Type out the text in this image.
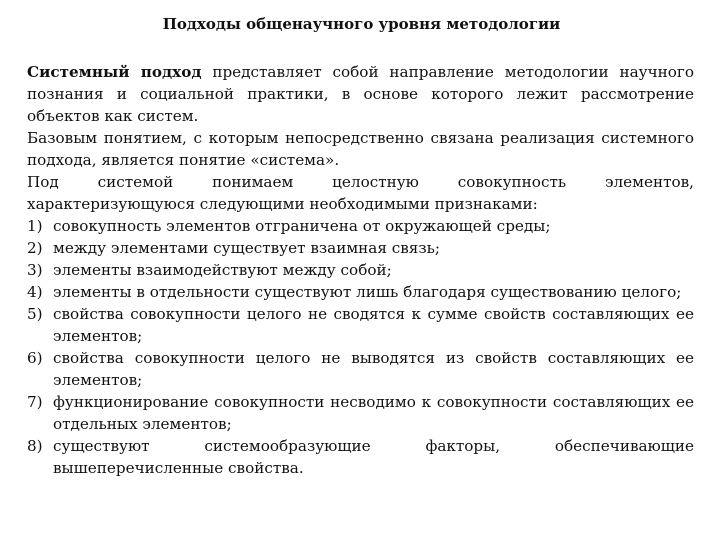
Подходы общенаучного уровня методологии

Системный подход представляет собой направление методологии научного познания и социальной практики, в основе которого лежит рассмотрение объектов как систем.

Базовым понятием, с которым непосредственно связана реализация системного подхода, является понятие «система».

Под системой понимаем целостную совокупность элементов,

характеризующуюся следующими необходимыми признаками:

1) совокупность элементов отграничена от окружающей среды;
2) между элементами существует взаимная связь;
3) элементы взаимодействуют между собой;
4) элементы в отдельности существуют лишь благодаря существованию целого;
5) свойства совокупности целого не сводятся к сумме свойств составляющих ее элементов;
6) свойства совокупности целого не выводятся из свойств составляющих ее элементов;
7) функционирование совокупности несводимо к совокупности составляющих ее отдельных элементов;
8) существуют системообразующие факторы, обеспечивающие вышеперечисленные свойства.
